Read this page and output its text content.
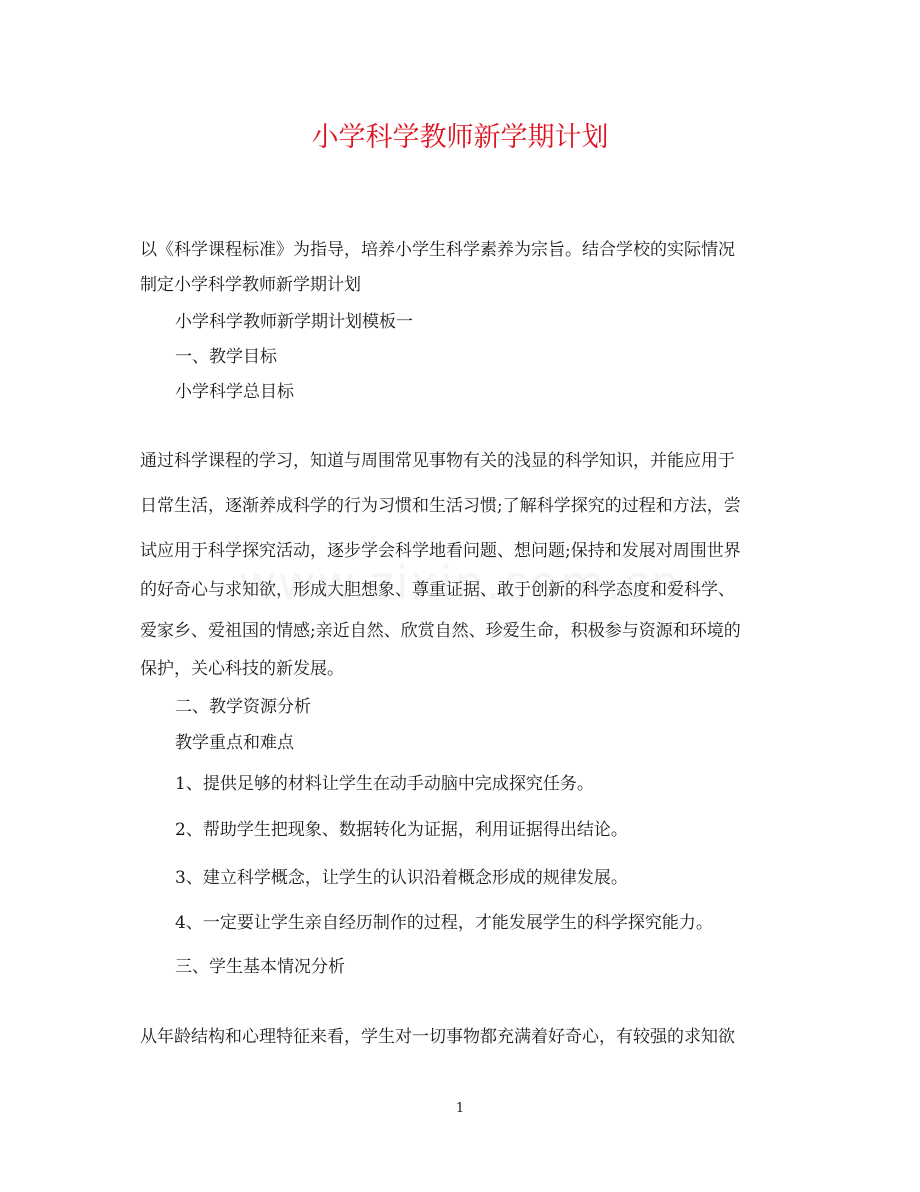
小学科学教师新学期计划
以《科学课程标准》为指导，培养小学生科学素养为宗旨。结合学校的实际情况
制定小学科学教师新学期计划
小学科学教师新学期计划模板一
一、教学目标
小学科学总目标
通过科学课程的学习，知道与周围常见事物有关的浅显的科学知识，并能应用于
日常生活，逐渐养成科学的行为习惯和生活习惯;了解科学探究的过程和方法，尝
试应用于科学探究活动，逐步学会科学地看问题、想问题;保持和发展对周围世界
的好奇心与求知欲，形成大胆想象、尊重证据、敢于创新的科学态度和爱科学、
爱家乡、爱祖国的情感;亲近自然、欣赏自然、珍爱生命，积极参与资源和环境的
保护，关心科技的新发展。
二、教学资源分析
教学重点和难点
1、提供足够的材料让学生在动手动脑中完成探究任务。
2、帮助学生把现象、数据转化为证据，利用证据得出结论。
3、建立科学概念，让学生的认识沿着概念形成的规律发展。
4、一定要让学生亲自经历制作的过程，才能发展学生的科学探究能力。
三、学生基本情况分析
从年龄结构和心理特征来看，学生对一切事物都充满着好奇心，有较强的求知欲
1
